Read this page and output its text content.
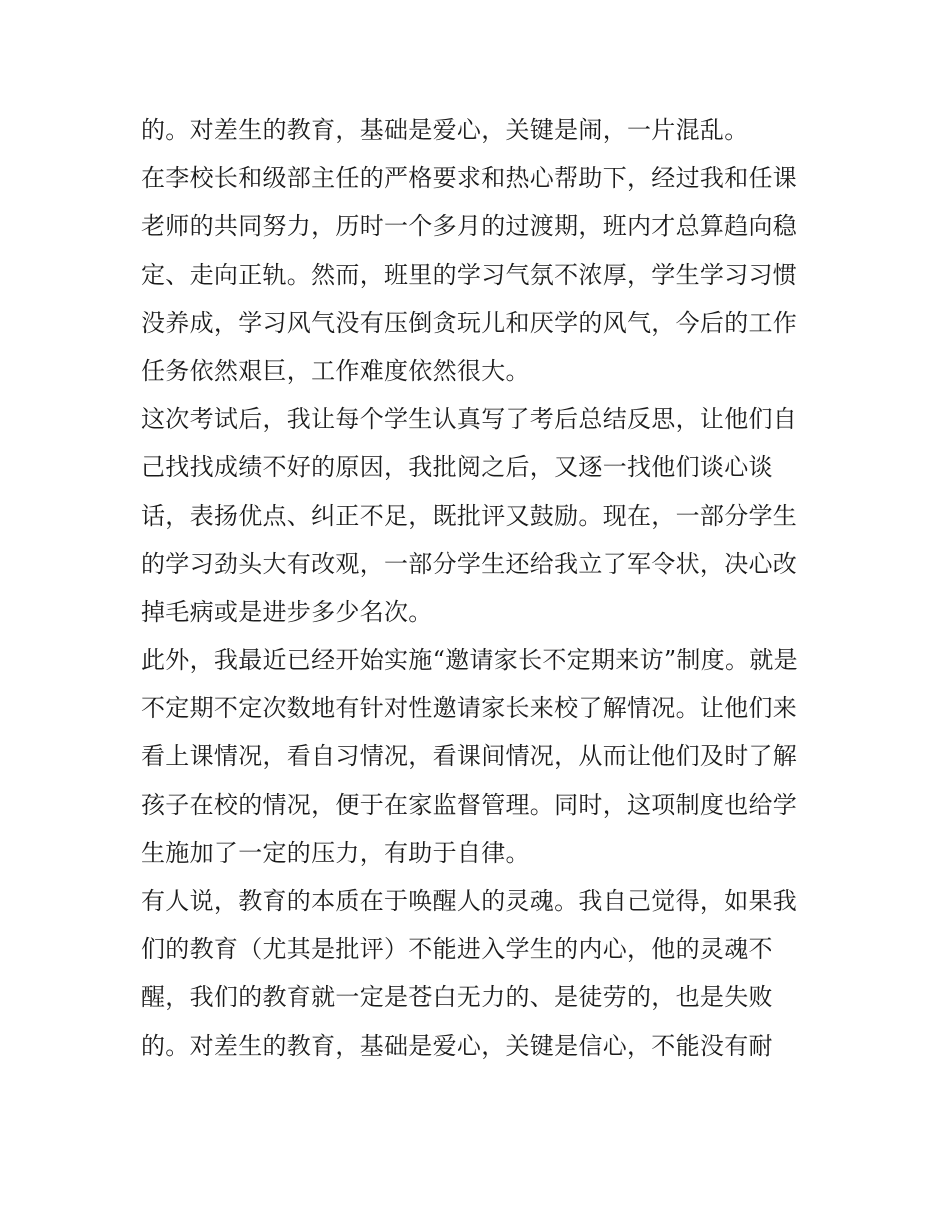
的。对差生的教育，基础是爱心，关键是闹，一片混乱。
在李校长和级部主任的严格要求和热心帮助下，经过我和任课
老师的共同努力，历时一个多月的过渡期，班内才总算趋向稳
定、走向正轨。然而，班里的学习气氛不浓厚，学生学习习惯
没养成，学习风气没有压倒贪玩儿和厌学的风气，今后的工作
任务依然艰巨，工作难度依然很大。
这次考试后，我让每个学生认真写了考后总结反思，让他们自
己找找成绩不好的原因，我批阅之后，又逐一找他们谈心谈
话，表扬优点、纠正不足，既批评又鼓励。现在，一部分学生
的学习劲头大有改观，一部分学生还给我立了军令状，决心改
掉毛病或是进步多少名次。
此外，我最近已经开始实施“邀请家长不定期来访”制度。就是
不定期不定次数地有针对性邀请家长来校了解情况。让他们来
看上课情况，看自习情况，看课间情况，从而让他们及时了解
孩子在校的情况，便于在家监督管理。同时，这项制度也给学
生施加了一定的压力，有助于自律。
有人说，教育的本质在于唤醒人的灵魂。我自己觉得，如果我
们的教育（尤其是批评）不能进入学生的内心，他的灵魂不
醒，我们的教育就一定是苍白无力的、是徒劳的，也是失败
的。对差生的教育，基础是爱心，关键是信心，不能没有耐
